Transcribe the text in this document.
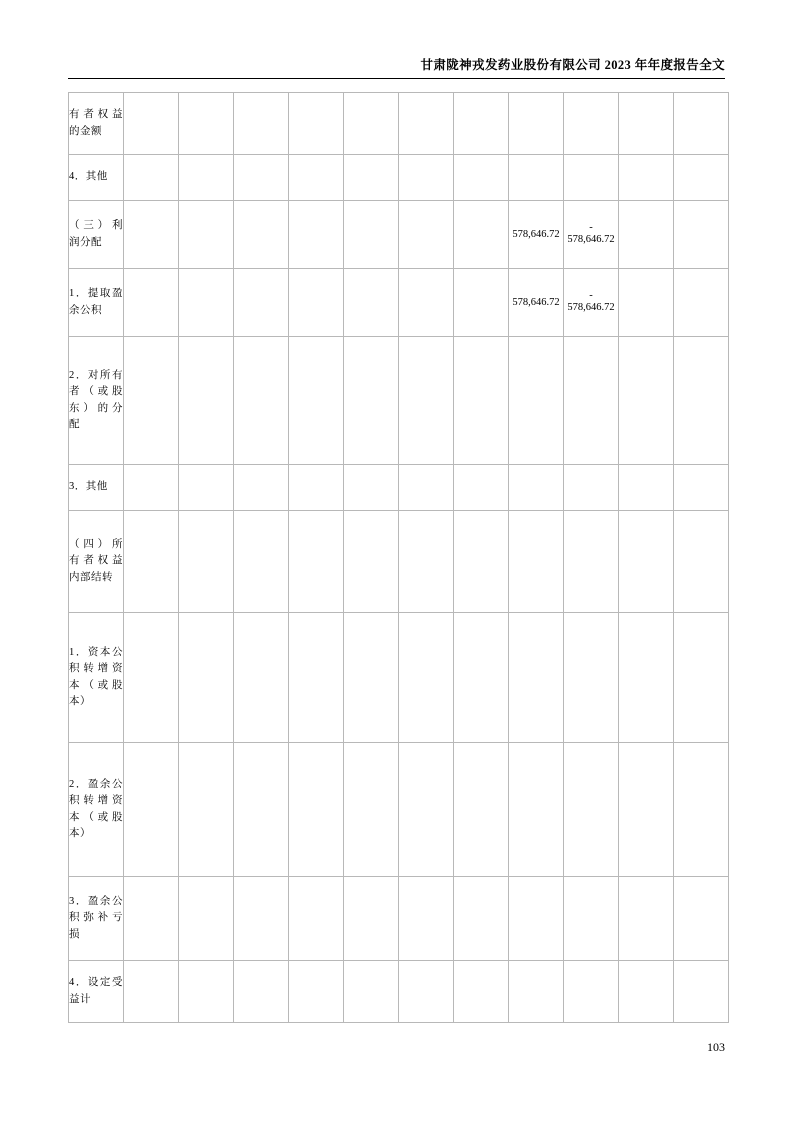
甘肃陇神戎发药业股份有限公司 2023 年年度报告全文
有者权益的金额											
4．其他											
（三）利润分配								578,646.72	-
578,646.72		
1．提取盈余公积								578,646.72	-
578,646.72		
2．对所有者（或股东）的分配											
3．其他											
（四）所有者权益内部结转											
1．资本公积转增资本（或股本）											
2．盈余公积转增资本（或股本）											
3．盈余公积弥补亏损											
4．设定受益计											
103
